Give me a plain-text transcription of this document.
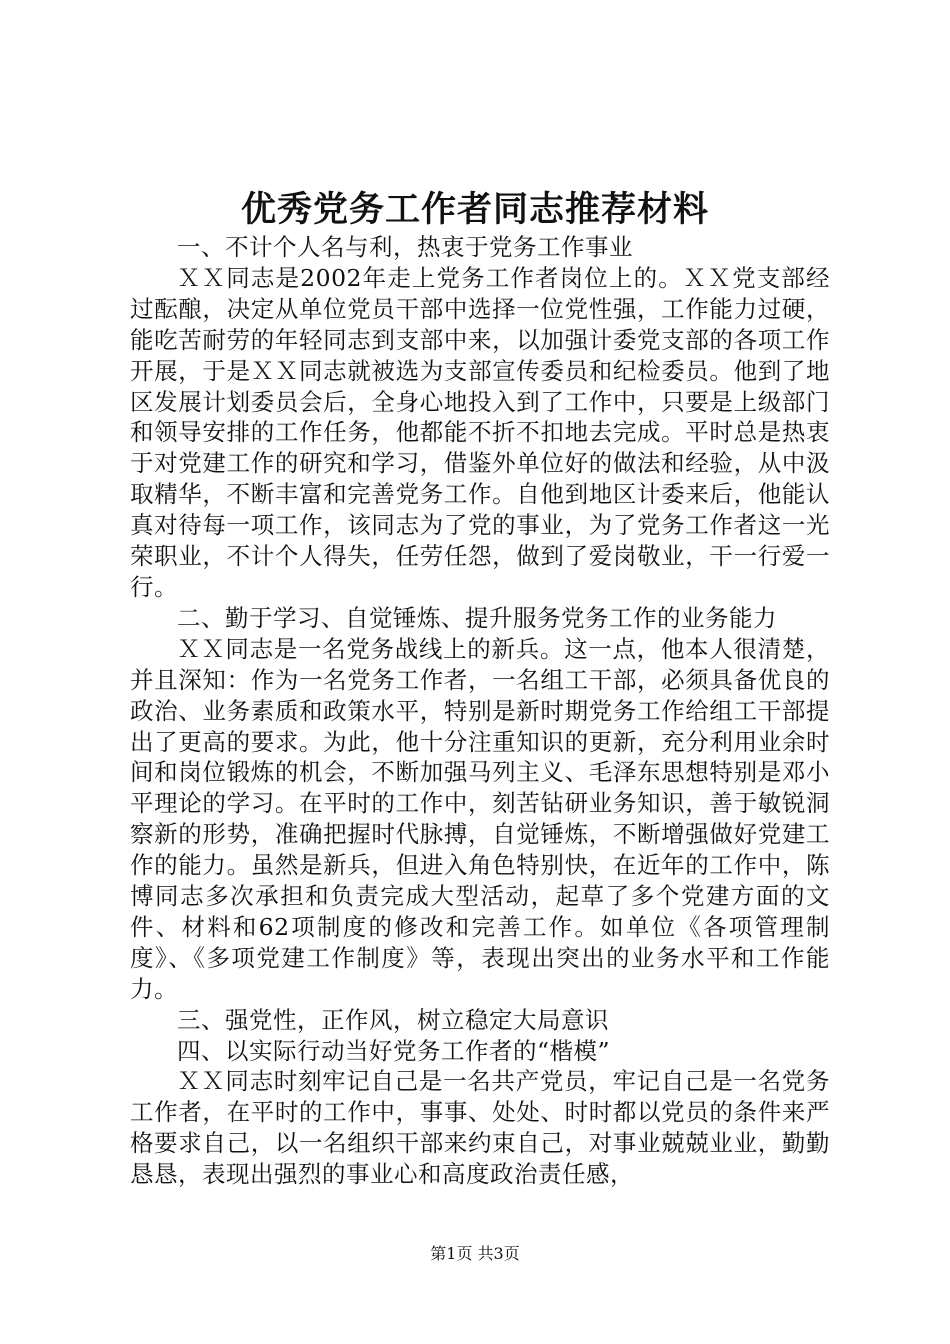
优秀党务工作者同志推荐材料

一、不计个人名与利，热衷于党务工作事业

ＸＸ同志是2002年走上党务工作者岗位上的。ＸＸ党支部经过酝酿，决定从单位党员干部中选择一位党性强，工作能力过硬，能吃苦耐劳的年轻同志到支部中来，以加强计委党支部的各项工作开展，于是ＸＸ同志就被选为支部宣传委员和纪检委员。他到了地区发展计划委员会后，全身心地投入到了工作中，只要是上级部门和领导安排的工作任务，他都能不折不扣地去完成。平时总是热衷于对党建工作的研究和学习，借鉴外单位好的做法和经验，从中汲取精华，不断丰富和完善党务工作。自他到地区计委来后，他能认真对待每一项工作，该同志为了党的事业，为了党务工作者这一光荣职业，不计个人得失，任劳任怨，做到了爱岗敬业，干一行爱一行。

二、勤于学习、自觉锤炼、提升服务党务工作的业务能力

ＸＸ同志是一名党务战线上的新兵。这一点，他本人很清楚，并且深知：作为一名党务工作者，一名组工干部，必须具备优良的政治、业务素质和政策水平，特别是新时期党务工作给组工干部提出了更高的要求。为此，他十分注重知识的更新，充分利用业余时间和岗位锻炼的机会，不断加强马列主义、毛泽东思想特别是邓小平理论的学习。在平时的工作中，刻苦钻研业务知识，善于敏锐洞察新的形势，准确把握时代脉搏，自觉锤炼，不断增强做好党建工作的能力。虽然是新兵，但进入角色特别快，在近年的工作中，陈博同志多次承担和负责完成大型活动，起草了多个党建方面的文件、材料和62项制度的修改和完善工作。如单位《各项管理制度》、《多项党建工作制度》等，表现出突出的业务水平和工作能力。

三、强党性，正作风，树立稳定大局意识

四、以实际行动当好党务工作者的“楷模”

ＸＸ同志时刻牢记自己是一名共产党员，牢记自己是一名党务工作者，在平时的工作中，事事、处处、时时都以党员的条件来严格要求自己，以一名组织干部来约束自己，对事业兢兢业业，勤勤恳恳，表现出强烈的事业心和高度政治责任感，

第1页 共3页
